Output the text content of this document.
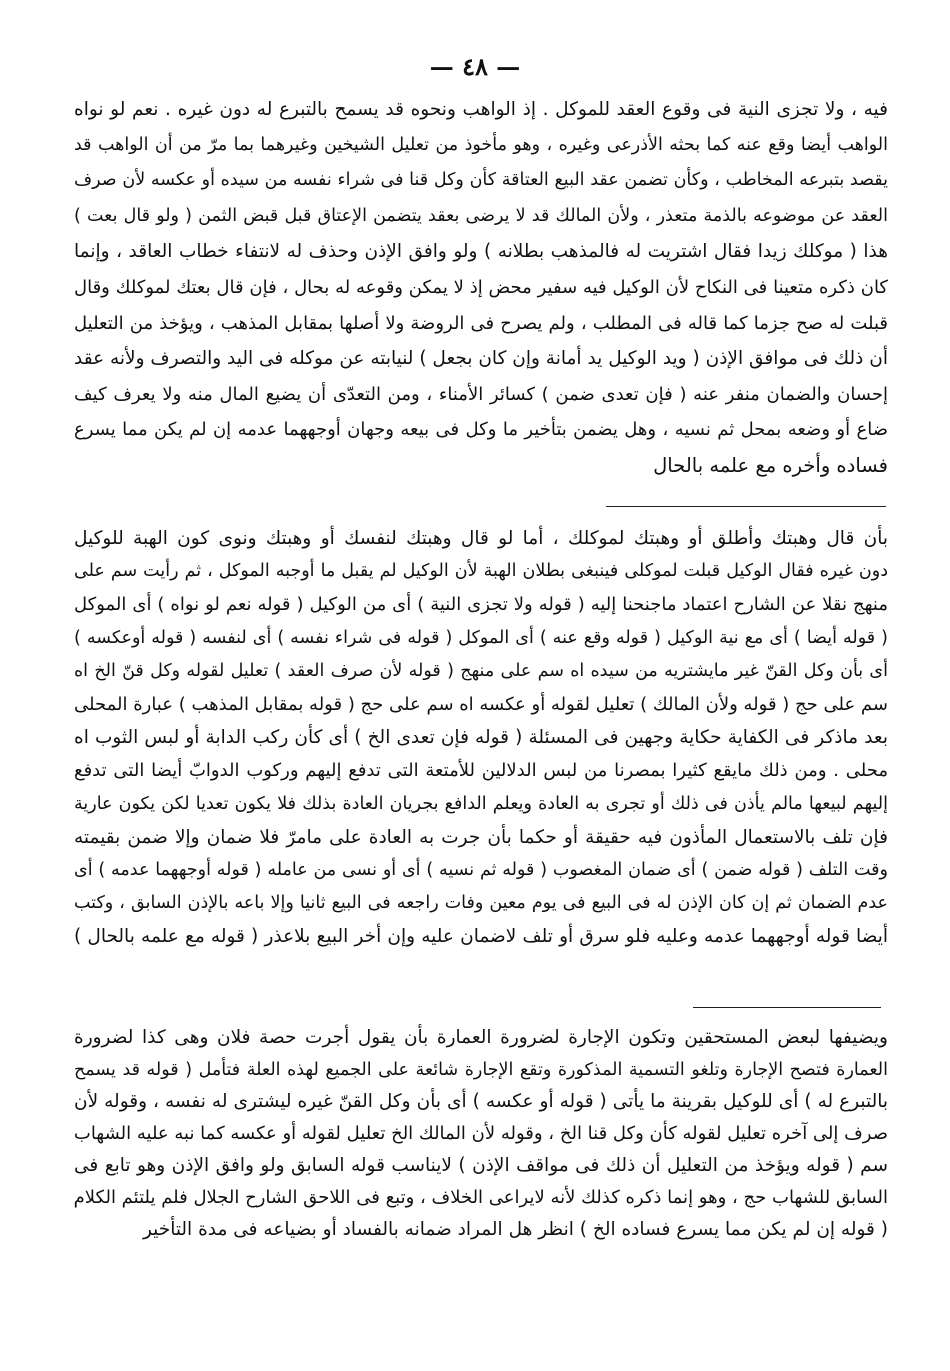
— ٤٨ —
فيه ، ولا تجزى النية فى وقوع العقد للموكل . إذ الواهب ونحوه قد يسمح بالتبرع له دون غيره . نعم لو نواه
الواهب أيضا وقع عنه كما بحثه الأذرعى وغيره ، وهو مأخوذ من تعليل الشيخين وغيرهما بما مرّ من أن الواهب قد
يقصد بتبرعه المخاطب ، وكأن تضمن عقد البيع العتاقة كأن وكل قنا فى شراء نفسه من سيده أو عكسه لأن صرف
العقد عن موضوعه بالذمة متعذر ، ولأن المالك قد لا يرضى بعقد يتضمن الإعتاق قبل قبض الثمن ( ولو قال بعت )
هذا ( موكلك زيدا فقال اشتريت له فالمذهب بطلانه ) ولو وافق الإذن وحذف له لانتفاء خطاب العاقد ، وإنما
كان ذكره متعينا فى النكاح لأن الوكيل فيه سفير محض إذ لا يمكن وقوعه له بحال ، فإن قال بعتك لموكلك وقال
قبلت له صح جزما كما قاله فى المطلب ، ولم يصرح فى الروضة ولا أصلها بمقابل المذهب ، ويؤخذ من التعليل
أن ذلك فى موافق الإذن ( ويد الوكيل يد أمانة وإن كان بجعل ) لنيابته عن موكله فى اليد والتصرف ولأنه عقد
إحسان والضمان منفر عنه ( فإن تعدى ضمن ) كسائر الأمناء ، ومن التعدّى أن يضيع المال منه ولا يعرف كيف
ضاع أو وضعه بمحل ثم نسيه ، وهل يضمن بتأخير ما وكل فى بيعه وجهان أوجههما عدمه إن لم يكن مما يسرع
فساده وأخره مع علمه بالحال
بأن قال وهبتك وأطلق أو وهبتك لموكلك ، أما لو قال وهبتك لنفسك أو وهبتك ونوى كون الهبة للوكيل
دون غيره فقال الوكيل قبلت لموكلى فينبغى بطلان الهبة لأن الوكيل لم يقبل ما أوجبه الموكل ، ثم رأيت سم على
منهج نقلا عن الشارح اعتماد ماجنحنا إليه ( قوله ولا تجزى النية ) أى من الوكيل ( قوله نعم لو نواه ) أى الموكل
( قوله أيضا ) أى مع نية الوكيل ( قوله وقع عنه ) أى الموكل ( قوله فى شراء نفسه ) أى لنفسه ( قوله أوعكسه )
أى بأن وكل القنّ غير مايشتريه من سيده اه سم على منهج ( قوله لأن صرف العقد ) تعليل لقوله وكل قنّ الخ اه
سم على حج ( قوله ولأن المالك ) تعليل لقوله أو عكسه اه سم على حج ( قوله بمقابل المذهب ) عبارة المحلى
بعد ماذكر فى الكفاية حكاية وجهين فى المسئلة ( قوله فإن تعدى الخ ) أى كأن ركب الدابة أو لبس الثوب اه
محلى . ومن ذلك مايقع كثيرا بمصرنا من لبس الدلالين للأمتعة التى تدفع إليهم وركوب الدوابّ أيضا التى تدفع
إليهم لبيعها مالم يأذن فى ذلك أو تجرى به العادة ويعلم الدافع بجريان العادة بذلك فلا يكون تعديا لكن يكون عارية
فإن تلف بالاستعمال المأذون فيه حقيقة أو حكما بأن جرت به العادة على مامرّ فلا ضمان وإلا ضمن بقيمته
وقت التلف ( قوله ضمن ) أى ضمان المغصوب ( قوله ثم نسيه ) أى أو نسى من عامله ( قوله أوجههما عدمه ) أى
عدم الضمان ثم إن كان الإذن له فى البيع فى يوم معين وفات راجعه فى البيع ثانيا وإلا باعه بالإذن السابق ، وكتب
أيضا قوله أوجههما عدمه وعليه فلو سرق أو تلف لاضمان عليه وإن أخر البيع بلاعذر ( قوله مع علمه بالحال )
ويضيفها لبعض المستحقين وتكون الإجارة لضرورة العمارة بأن يقول أجرت حصة فلان وهى كذا لضرورة
العمارة فتصح الإجارة وتلغو التسمية المذكورة وتقع الإجارة شائعة على الجميع لهذه العلة فتأمل ( قوله قد يسمح
بالتبرع له ) أى للوكيل بقرينة ما يأتى ( قوله أو عكسه ) أى بأن وكل القنّ غيره ليشترى له نفسه ، وقوله لأن
صرف إلى آخره تعليل لقوله كأن وكل قنا الخ ، وقوله لأن المالك الخ تعليل لقوله أو عكسه كما نبه عليه الشهاب
سم ( قوله ويؤخذ من التعليل أن ذلك فى مواقف الإذن ) لايناسب قوله السابق ولو وافق الإذن وهو تابع فى
السابق للشهاب حج ، وهو إنما ذكره كذلك لأنه لايراعى الخلاف ، وتبع فى اللاحق الشارح الجلال فلم يلتئم الكلام
( قوله إن لم يكن مما يسرع فساده الخ ) انظر هل المراد ضمانه بالفساد أو بضياعه فى مدة التأخير
